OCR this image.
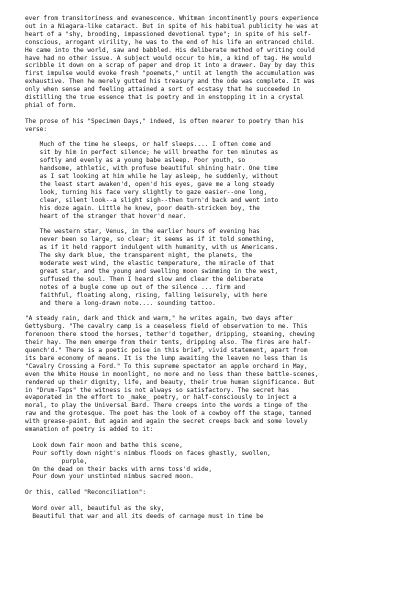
ever from transitoriness and evanescence. Whitman incontinently pours experience
out in a Niagara-like cataract. But in spite of his habitual publicity he was at
heart of a "shy, brooding, impassioned devotional type"; in spite of his self-
conscious, arrogant virility, he was to the end of his life an entranced child.
He came into the world, saw and babbled. His deliberate method of writing could
have had no other issue. A subject would occur to him, a kind of tag. He would
scribble it down on a scrap of paper and drop it into a drawer. Day by day this
first impulse would evoke fresh "poemets," until at length the accumulation was
exhaustive. Then he merely gutted his treasury and the ode was complete. It was
only when sense and feeling attained a sort of ecstasy that he succeeded in
distilling the true essence that is poetry and in enstopping it in a crystal
phial of form.
The prose of his "Specimen Days," indeed, is often nearer to poetry than his
verse:
Much of the time he sleeps, or half sleeps.... I often come and
sit by him in perfect silence; he will breathe for ten minutes as
softly and evenly as a young babe asleep. Poor youth, so
handsome, athletic, with profuse beautiful shining hair. One time
as I sat looking at him while he lay asleep, he suddenly, without
the least start awaken'd, open'd his eyes, gave me a long steady
look, turning his face very slightly to gaze easier--one long,
clear, silent look--a slight sigh--then turn'd back and went into
his doze again. Little he knew, poor death-stricken boy, the
heart of the stranger that hover'd near.
The western star, Venus, in the earlier hours of evening has
never been so large, so clear; it seems as if it told something,
as if it held rapport indulgent with humanity, with us Americans.
The sky dark blue, the transparent night, the planets, the
moderate west wind, the elastic temperature, the miracle of that
great star, and the young and swelling moon swimming in the west,
suffused the soul. Then I heard slow and clear the deliberate
notes of a bugle come up out of the silence ... firm and
faithful, floating along, rising, falling leisurely, with here
and there a long-drawn note.... sounding tattoo.
"A steady rain, dark and thick and warm," he writes again, two days after
Gettysburg. "The cavalry camp is a ceaseless field of observation to me. This
forenoon there stood the horses, tether'd together, dripping, steaming, chewing
their hay. The men emerge from their tents, dripping also. The fires are half-
quench'd." There is a poetic poise in this brief, vivid statement, apart from
its bare economy of means. It is the lump awaiting the leaven no less than is
"Cavalry Crossing a Ford." To this supreme spectator an apple orchard in May,
even the White House in moonlight, no more and no less than these battle-scenes,
rendered up their dignity, life, and beauty, their true human significance. But
in "Drum-Taps" the witness is not always so satisfactory. The secret has
evaporated in the effort to _make_ poetry, or half-consciously to inject a
moral, to play the Universal Bard. There creeps into the words a tinge of the
raw and the grotesque. The poet has the look of a cowboy off the stage, tanned
with grease-paint. But again and again the secret creeps back and some lovely
emanation of poetry is added to it:
Look down fair moon and bathe this scene,
Pour softly down night's nimbus floods on faces ghastly, swollen,
purple,
On the dead on their backs with arms toss'd wide,
Pour down your unstinted nimbus sacred moon.
Or this, called "Reconciliation":
Word over all, beautiful as the sky,
Beautiful that war and all its deeds of carnage must in time be
